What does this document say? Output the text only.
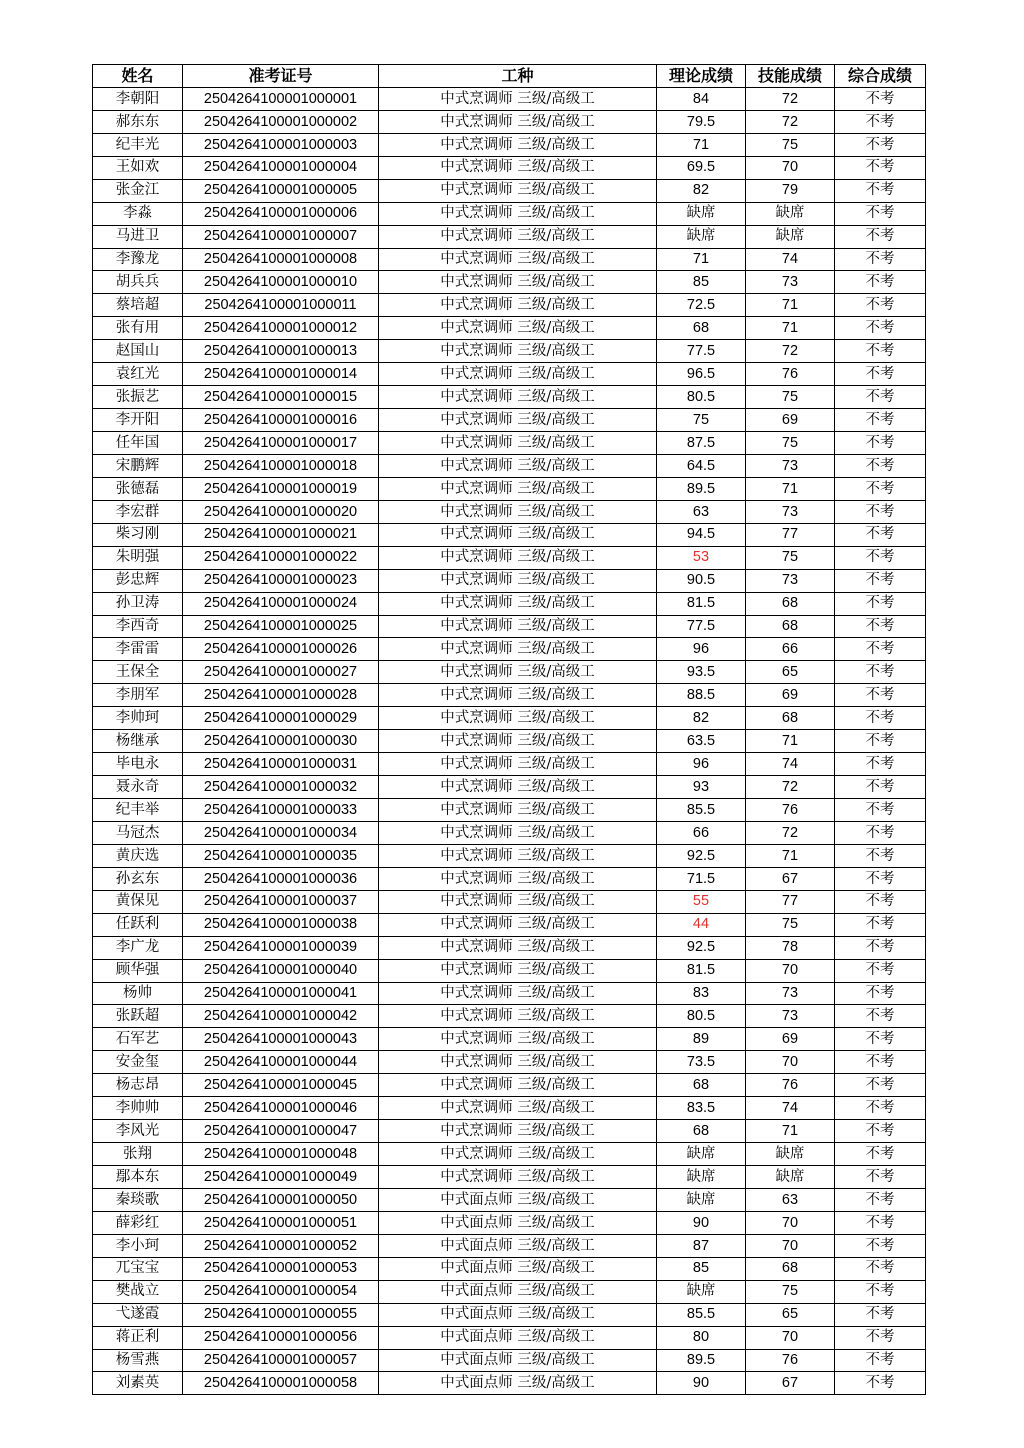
姓名	准考证号	工种	理论成绩	技能成绩	综合成绩
李朝阳	2504264100001000001	中式烹调师 三级/高级工	84	72	不考
郝东东	2504264100001000002	中式烹调师 三级/高级工	79.5	72	不考
纪丰光	2504264100001000003	中式烹调师 三级/高级工	71	75	不考
王如欢	2504264100001000004	中式烹调师 三级/高级工	69.5	70	不考
张金江	2504264100001000005	中式烹调师 三级/高级工	82	79	不考
李淼	2504264100001000006	中式烹调师 三级/高级工	缺席	缺席	不考
马进卫	2504264100001000007	中式烹调师 三级/高级工	缺席	缺席	不考
李豫龙	2504264100001000008	中式烹调师 三级/高级工	71	74	不考
胡兵兵	2504264100001000010	中式烹调师 三级/高级工	85	73	不考
蔡培超	2504264100001000011	中式烹调师 三级/高级工	72.5	71	不考
张有用	2504264100001000012	中式烹调师 三级/高级工	68	71	不考
赵国山	2504264100001000013	中式烹调师 三级/高级工	77.5	72	不考
袁红光	2504264100001000014	中式烹调师 三级/高级工	96.5	76	不考
张振艺	2504264100001000015	中式烹调师 三级/高级工	80.5	75	不考
李开阳	2504264100001000016	中式烹调师 三级/高级工	75	69	不考
任年国	2504264100001000017	中式烹调师 三级/高级工	87.5	75	不考
宋鹏辉	2504264100001000018	中式烹调师 三级/高级工	64.5	73	不考
张德磊	2504264100001000019	中式烹调师 三级/高级工	89.5	71	不考
李宏群	2504264100001000020	中式烹调师 三级/高级工	63	73	不考
柴习刚	2504264100001000021	中式烹调师 三级/高级工	94.5	77	不考
朱明强	2504264100001000022	中式烹调师 三级/高级工	53	75	不考
彭忠辉	2504264100001000023	中式烹调师 三级/高级工	90.5	73	不考
孙卫涛	2504264100001000024	中式烹调师 三级/高级工	81.5	68	不考
李西奇	2504264100001000025	中式烹调师 三级/高级工	77.5	68	不考
李雷雷	2504264100001000026	中式烹调师 三级/高级工	96	66	不考
王保全	2504264100001000027	中式烹调师 三级/高级工	93.5	65	不考
李朋军	2504264100001000028	中式烹调师 三级/高级工	88.5	69	不考
李帅珂	2504264100001000029	中式烹调师 三级/高级工	82	68	不考
杨继承	2504264100001000030	中式烹调师 三级/高级工	63.5	71	不考
毕电永	2504264100001000031	中式烹调师 三级/高级工	96	74	不考
聂永奇	2504264100001000032	中式烹调师 三级/高级工	93	72	不考
纪丰举	2504264100001000033	中式烹调师 三级/高级工	85.5	76	不考
马冠杰	2504264100001000034	中式烹调师 三级/高级工	66	72	不考
黄庆选	2504264100001000035	中式烹调师 三级/高级工	92.5	71	不考
孙玄东	2504264100001000036	中式烹调师 三级/高级工	71.5	67	不考
黄保见	2504264100001000037	中式烹调师 三级/高级工	55	77	不考
任跃利	2504264100001000038	中式烹调师 三级/高级工	44	75	不考
李广龙	2504264100001000039	中式烹调师 三级/高级工	92.5	78	不考
顾华强	2504264100001000040	中式烹调师 三级/高级工	81.5	70	不考
杨帅	2504264100001000041	中式烹调师 三级/高级工	83	73	不考
张跃超	2504264100001000042	中式烹调师 三级/高级工	80.5	73	不考
石军艺	2504264100001000043	中式烹调师 三级/高级工	89	69	不考
安金玺	2504264100001000044	中式烹调师 三级/高级工	73.5	70	不考
杨志昂	2504264100001000045	中式烹调师 三级/高级工	68	76	不考
李帅帅	2504264100001000046	中式烹调师 三级/高级工	83.5	74	不考
李风光	2504264100001000047	中式烹调师 三级/高级工	68	71	不考
张翔	2504264100001000048	中式烹调师 三级/高级工	缺席	缺席	不考
鄢本东	2504264100001000049	中式烹调师 三级/高级工	缺席	缺席	不考
秦琰歌	2504264100001000050	中式面点师 三级/高级工	缺席	63	不考
薛彩红	2504264100001000051	中式面点师 三级/高级工	90	70	不考
李小珂	2504264100001000052	中式面点师 三级/高级工	87	70	不考
兀宝宝	2504264100001000053	中式面点师 三级/高级工	85	68	不考
樊战立	2504264100001000054	中式面点师 三级/高级工	缺席	75	不考
弋遂霞	2504264100001000055	中式面点师 三级/高级工	85.5	65	不考
蒋正利	2504264100001000056	中式面点师 三级/高级工	80	70	不考
杨雪燕	2504264100001000057	中式面点师 三级/高级工	89.5	76	不考
刘素英	2504264100001000058	中式面点师 三级/高级工	90	67	不考
